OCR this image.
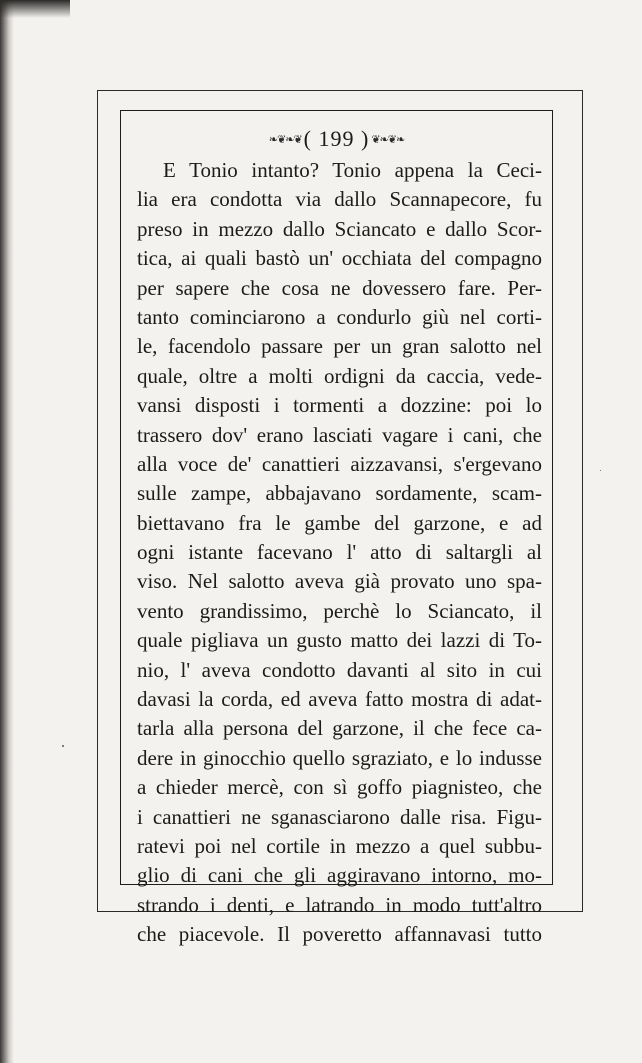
❧❦❧❦ ( 199 ) ❦❧❦❧
E Tonio intanto? Tonio appena la Ceci-
lia era condotta via dallo Scannapecore, fu
preso in mezzo dallo Sciancato e dallo Scor-
tica, ai quali bastò un' occhiata del compagno
per sapere che cosa ne dovessero fare. Per-
tanto cominciarono a condurlo giù nel corti-
le, facendolo passare per un gran salotto nel
quale, oltre a molti ordigni da caccia, vede-
vansi disposti i tormenti a dozzine: poi lo
trassero dov' erano lasciati vagare i cani, che
alla voce de' canattieri aizzavansi, s'ergevano
sulle zampe, abbajavano sordamente, scam-
biettavano fra le gambe del garzone, e ad
ogni istante facevano l' atto di saltargli al
viso. Nel salotto aveva già provato uno spa-
vento grandissimo, perchè lo Sciancato, il
quale pigliava un gusto matto dei lazzi di To-
nio, l' aveva condotto davanti al sito in cui
davasi la corda, ed aveva fatto mostra di adat-
tarla alla persona del garzone, il che fece ca-
dere in ginocchio quello sgraziato, e lo indusse
a chieder mercè, con sì goffo piagnisteo, che
i canattieri ne sganasciarono dalle risa. Figu-
ratevi poi nel cortile in mezzo a quel subbu-
glio di cani che gli aggiravano intorno, mo-
strando i denti, e latrando in modo tutt'altro
che piacevole. Il poveretto affannavasi tutto
